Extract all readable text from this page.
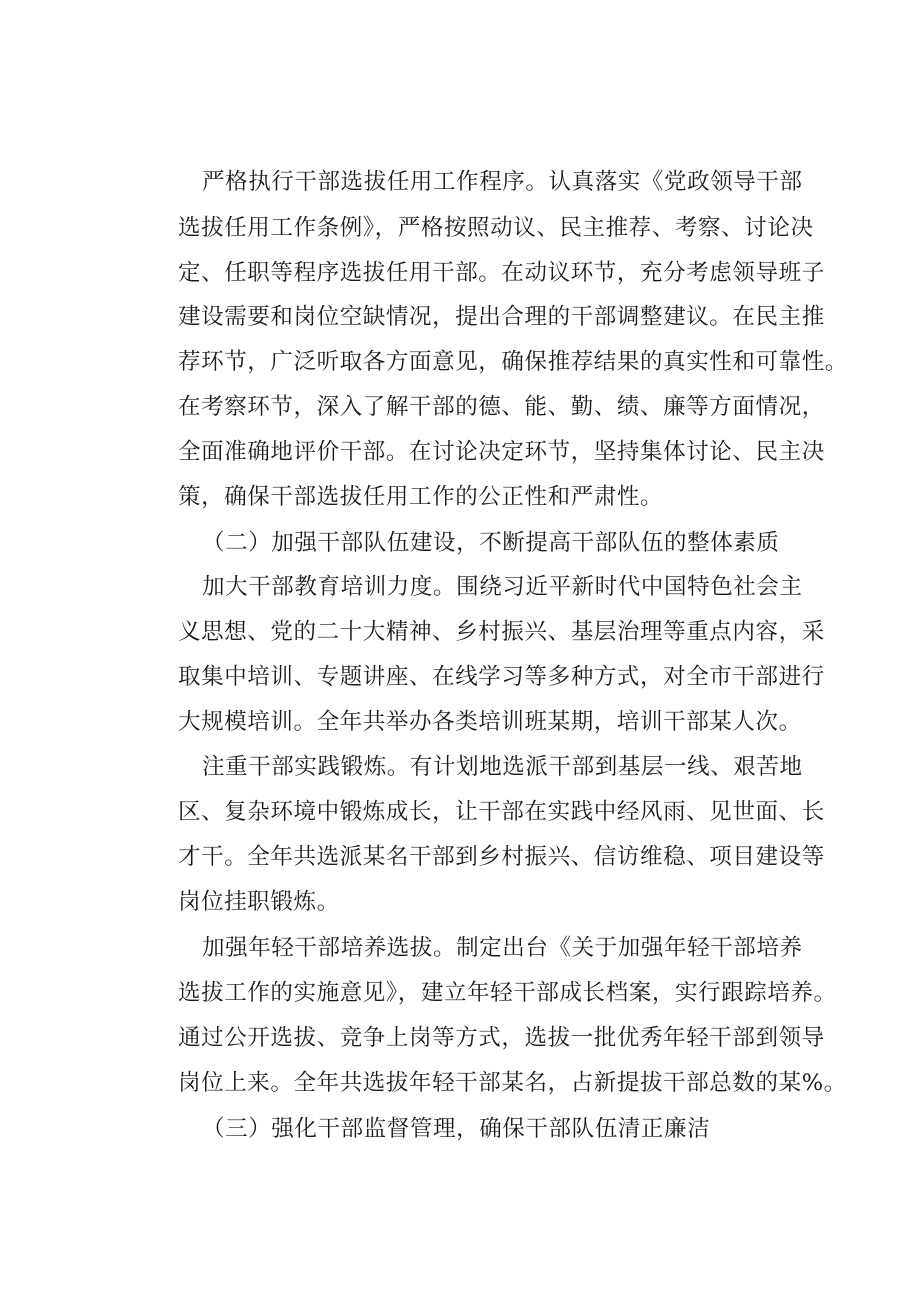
严格执行干部选拔任用工作程序。认真落实《党政领导干部
选拔任用工作条例》，严格按照动议、民主推荐、考察、讨论决
定、任职等程序选拔任用干部。在动议环节，充分考虑领导班子
建设需要和岗位空缺情况，提出合理的干部调整建议。在民主推
荐环节，广泛听取各方面意见，确保推荐结果的真实性和可靠性。
在考察环节，深入了解干部的德、能、勤、绩、廉等方面情况，
全面准确地评价干部。在讨论决定环节，坚持集体讨论、民主决
策，确保干部选拔任用工作的公正性和严肃性。
（二）加强干部队伍建设，不断提高干部队伍的整体素质
加大干部教育培训力度。围绕习近平新时代中国特色社会主
义思想、党的二十大精神、乡村振兴、基层治理等重点内容，采
取集中培训、专题讲座、在线学习等多种方式，对全市干部进行
大规模培训。全年共举办各类培训班某期，培训干部某人次。
注重干部实践锻炼。有计划地选派干部到基层一线、艰苦地
区、复杂环境中锻炼成长，让干部在实践中经风雨、见世面、长
才干。全年共选派某名干部到乡村振兴、信访维稳、项目建设等
岗位挂职锻炼。
加强年轻干部培养选拔。制定出台《关于加强年轻干部培养
选拔工作的实施意见》，建立年轻干部成长档案，实行跟踪培养。
通过公开选拔、竞争上岗等方式，选拔一批优秀年轻干部到领导
岗位上来。全年共选拔年轻干部某名，占新提拔干部总数的某%。
（三）强化干部监督管理，确保干部队伍清正廉洁
